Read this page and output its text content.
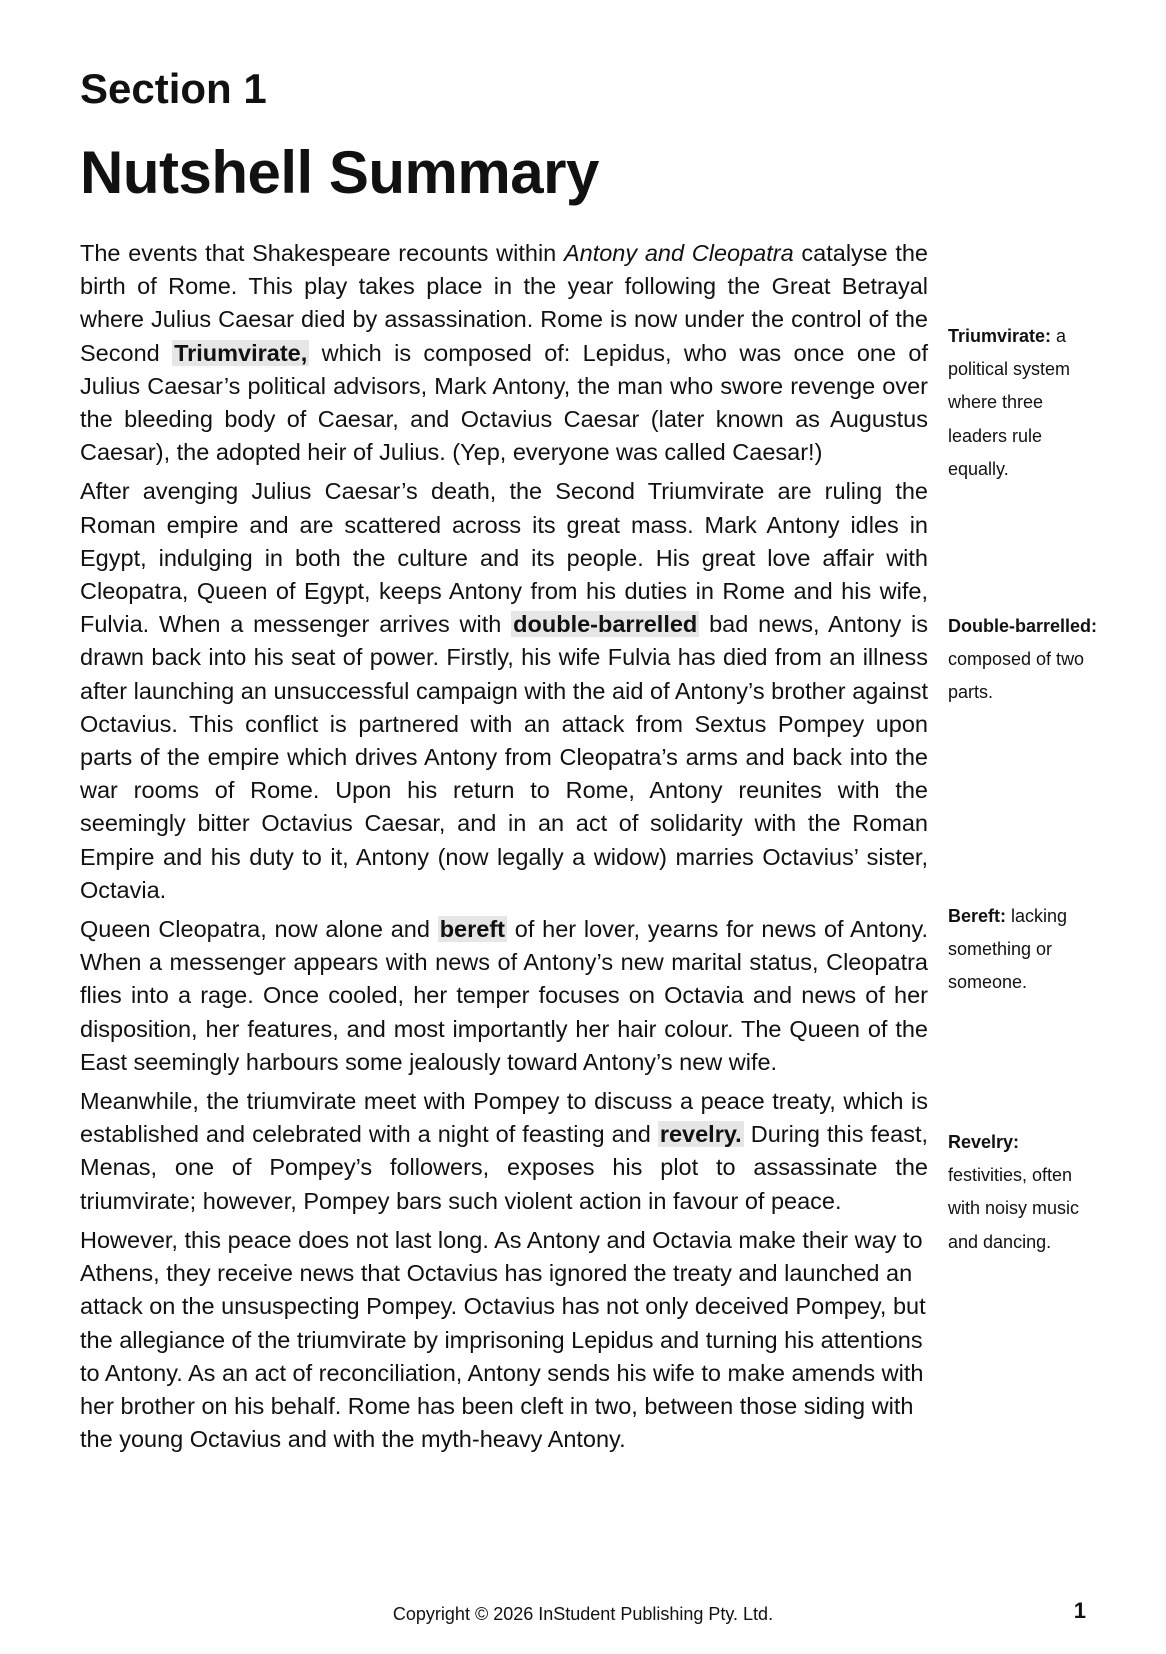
Section 1
Nutshell Summary

The events that Shakespeare recounts within Antony and Cleopatra catalyse the birth of Rome. This play takes place in the year following the Great Betrayal where Julius Caesar died by assassination. Rome is now under the control of the Second Triumvirate, which is composed of: Lepidus, who was once one of Julius Caesar’s political advisors, Mark Antony, the man who swore revenge over the bleeding body of Caesar, and Octavius Caesar (later known as Augustus Caesar), the adopted heir of Julius. (Yep, everyone was called Caesar!)

After avenging Julius Caesar’s death, the Second Triumvirate are ruling the Roman empire and are scattered across its great mass. Mark Antony idles in Egypt, indulging in both the culture and its people. His great love affair with Cleopatra, Queen of Egypt, keeps Antony from his duties in Rome and his wife, Fulvia. When a messenger arrives with double-barrelled bad news, Antony is drawn back into his seat of power. Firstly, his wife Fulvia has died from an illness after launching an unsuccessful campaign with the aid of Antony’s brother against Octavius. This conflict is partnered with an attack from Sextus Pompey upon parts of the empire which drives Antony from Cleopatra’s arms and back into the war rooms of Rome. Upon his return to Rome, Antony reunites with the seemingly bitter Octavius Caesar, and in an act of solidarity with the Roman Empire and his duty to it, Antony (now legally a widow) marries Octavius’ sister, Octavia.

Queen Cleopatra, now alone and bereft of her lover, yearns for news of Antony. When a messenger appears with news of Antony’s new marital status, Cleopatra flies into a rage. Once cooled, her temper focuses on Octavia and news of her disposition, her features, and most importantly her hair colour. The Queen of the East seemingly harbours some jealously toward Antony’s new wife.

Meanwhile, the triumvirate meet with Pompey to discuss a peace treaty, which is established and celebrated with a night of feasting and revelry. During this feast, Menas, one of Pompey’s followers, exposes his plot to assassinate the triumvirate; however, Pompey bars such violent action in favour of peace.

However, this peace does not last long. As Antony and Octavia make their way to Athens, they receive news that Octavius has ignored the treaty and launched an attack on the unsuspecting Pompey. Octavius has not only deceived Pompey, but the allegiance of the triumvirate by imprisoning Lepidus and turning his attentions to Antony. As an act of reconciliation, Antony sends his wife to make amends with her brother on his behalf. Rome has been cleft in two, between those siding with the young Octavius and with the myth-heavy Antony.

Triumvirate: a political system where three leaders rule equally.

Double-barrelled: composed of two parts.

Bereft: lacking something or someone.

Revelry: festivities, often with noisy music and dancing.

Copyright © 2026 InStudent Publishing Pty. Ltd.	1
